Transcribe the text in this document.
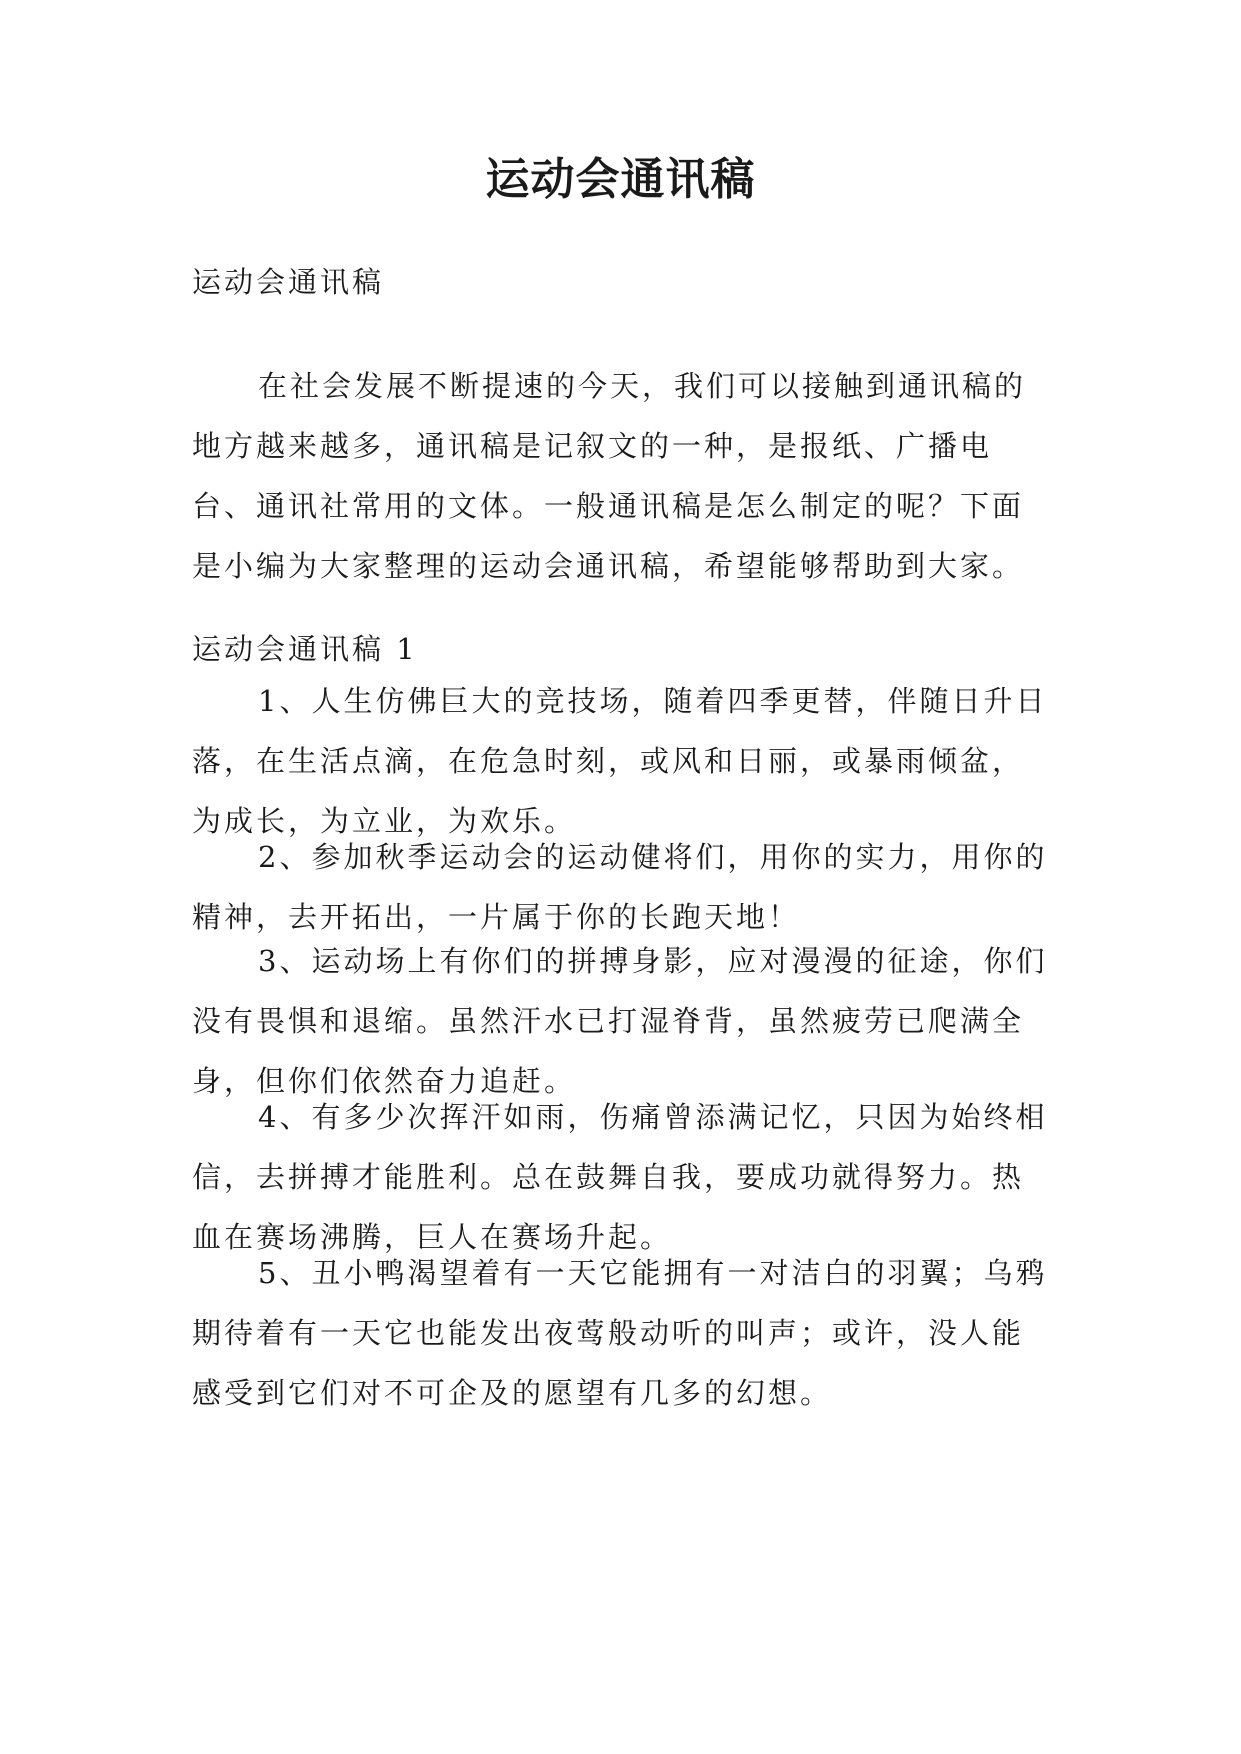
运动会通讯稿

运动会通讯稿

在社会发展不断提速的今天，我们可以接触到通讯稿的地方越来越多，通讯稿是记叙文的一种，是报纸、广播电台、通讯社常用的文体。一般通讯稿是怎么制定的呢？下面是小编为大家整理的运动会通讯稿，希望能够帮助到大家。

运动会通讯稿 1

1、人生仿佛巨大的竞技场，随着四季更替，伴随日升日落，在生活点滴，在危急时刻，或风和日丽，或暴雨倾盆，为成长，为立业，为欢乐。

2、参加秋季运动会的运动健将们，用你的实力，用你的精神，去开拓出，一片属于你的长跑天地！

3、运动场上有你们的拼搏身影，应对漫漫的征途，你们没有畏惧和退缩。虽然汗水已打湿脊背，虽然疲劳已爬满全身，但你们依然奋力追赶。

4、有多少次挥汗如雨，伤痛曾添满记忆，只因为始终相信，去拼搏才能胜利。总在鼓舞自我，要成功就得努力。热血在赛场沸腾，巨人在赛场升起。

5、丑小鸭渴望着有一天它能拥有一对洁白的羽翼；乌鸦期待着有一天它也能发出夜莺般动听的叫声；或许，没人能感受到它们对不可企及的愿望有几多的幻想。
